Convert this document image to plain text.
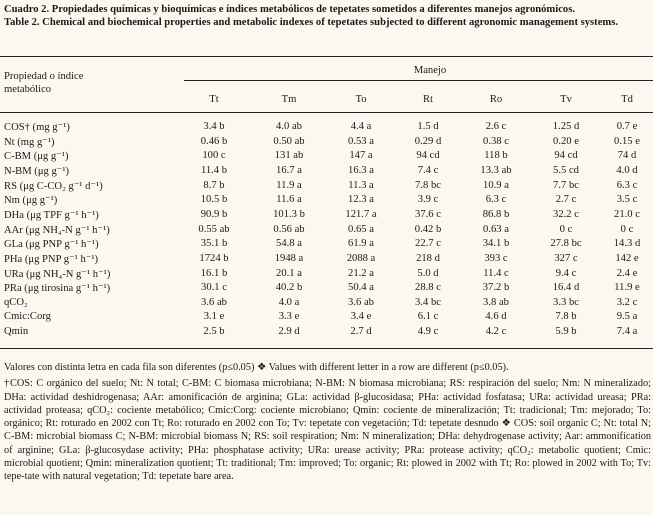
Cuadro 2. Propiedades químicas y bioquímicas e índices metabólicos de tepetates sometidos a diferentes manejos agronómicos.
Table 2. Chemical and biochemical properties and metabolic indexes of tepetates subjected to different agronomic management systems.
Propiedad o índice
metabólico
Manejo
Tt	Tm	To	Rt	Ro	Tv	Td
COS† (mg g⁻¹)	3.4 b	4.0 ab	4.4 a	1.5 d	2.6 c	1.25 d	0.7 e
Nt (mg g⁻¹)	0.46 b	0.50 ab	0.53 a	0.29 d	0.38 c	0.20 e	0.15 e
C-BM (μg g⁻¹)	100 c	131 ab	147 a	94 cd	118 b	94 cd	74 d
N-BM (μg g⁻¹)	11.4 b	16.7 a	16.3 a	7.4 c	13.3 ab	5.5 cd	4.0 d
RS (μg C-CO₂ g⁻¹ d⁻¹)	8.7 b	11.9 a	11.3 a	7.8 bc	10.9 a	7.7 bc	6.3 c
Nm (μg g⁻¹)	10.5 b	11.6 a	12.3 a	3.9 c	6.3 c	2.7 c	3.5 c
DHa (μg TPF g⁻¹ h⁻¹)	90.9 b	101.3 b	121.7 a	37.6 c	86.8 b	32.2 c	21.0 c
AAr (μg NH₄-N g⁻¹ h⁻¹)	0.55 ab	0.56 ab	0.65 a	0.42 b	0.63 a	0 c	0 c
GLa (μg PNP g⁻¹ h⁻¹)	35.1 b	54.8 a	61.9 a	22.7 c	34.1 b	27.8 bc	14.3 d
PHa (μg PNP g⁻¹ h⁻¹)	1724 b	1948 a	2088 a	218 d	393 c	327 c	142 e
URa (μg NH₄-N g⁻¹ h⁻¹)	16.1 b	20.1 a	21.2 a	5.0 d	11.4 c	9.4 c	2.4 e
PRa (μg tirosina g⁻¹ h⁻¹)	30.1 c	40.2 b	50.4 a	28.8 c	37.2 b	16.4 d	11.9 e
qCO₂	3.6 ab	4.0 a	3.6 ab	3.4 bc	3.8 ab	3.3 bc	3.2 c
Cmic:Corg	3.1 e	3.3 e	3.4 e	6.1 c	4.6 d	7.8 b	9.5 a
Qmin	2.5 b	2.9 d	2.7 d	4.9 c	4.2 c	5.9 b	7.4 a

Valores con distinta letra en cada fila son diferentes (p≤0.05) ❖ Values with different letter in a row are different (p≤0.05).

†COS: C orgánico del suelo; Nt: N total; C-BM: C biomasa microbiana; N-BM: N biomasa microbiana; RS: respiración del suelo; Nm: N mineralizado; DHa: actividad deshidrogenasa; AAr: amonificación de arginina; GLa: actividad β-glucosidasa; PHa: actividad fosfatasa; URa: actividad ureasa; PRa: actividad proteasa; qCO₂: cociente metabólico; Cmic:Corg: cociente microbiano; Qmin: cociente de mineralización; Tt: tradicional; Tm: mejorado; To: orgánico; Rt: roturado en 2002 con Tt; Ro: roturado en 2002 con To; Tv: tepetate con vegetación; Td: tepetate desnudo ❖ COS: soil organic C; Nt: total N; C-BM: microbial biomass C; N-BM: microbial biomass N; RS: soil respiration; Nm: N mineralization; DHa: dehydrogenase activity; Aar: ammonification of arginine; GLa: β-glucosydase activity; PHa: phosphatase activity; URa: urease activity; PRa: protease activity; qCO₂: metabolic quotient; Cmic: microbial quotient; Qmin: mineralization quotient; Tt: traditional; Tm: improved; To: organic; Rt: plowed in 2002 with Tt; Ro: plowed in 2002 with To; Tv: tepe-tate with natural vegetation; Td: tepetate bare area.
